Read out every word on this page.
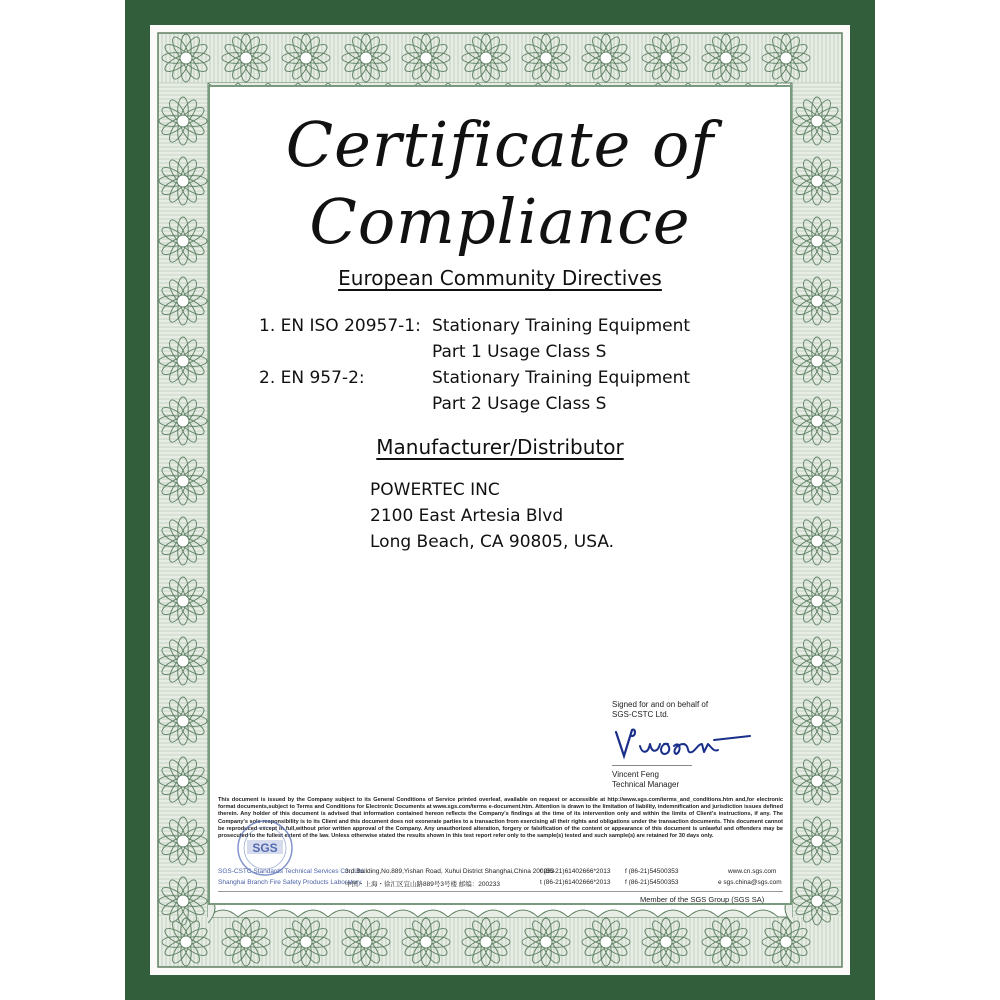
Certificate of
Compliance
European Community Directives
1. EN ISO 20957-1: Stationary Training Equipment
Part 1 Usage Class S
2. EN 957-2:	Stationary Training Equipment
Part 2 Usage Class S
Manufacturer/Distributor
POWERTEC INC
2100 East Artesia Blvd
Long Beach, CA 90805, USA.
Signed for and on behalf of
SGS-CSTC Ltd.
Vincent Feng
Technical Manager
This document is issued by the Company subject to its General Conditions of Service printed overleaf, available on request or accessible at http://www.sgs.com/terms_and_conditions.htm and,for electronic format documents,subject to Terms and Conditions for Electronic Documents at www.sgs.com/terms e-document.htm. Attention is drawn to the limitation of liability, indemnification and jurisdiction issues defined therein. Any holder of this document is advised that information contained hereon reflects the Company's findings at the time of its intervention only and within the limits of Client's instructions, if any. The Company's sole responsibility is to its Client and this document does not exonerate parties to a transaction from exercising all their rights and obligations under the transaction documents. This document cannot be reproduced except in full,without prior written approval of the Company. Any unauthorized alteration, forgery or falsification of the content or appearance of this document is unlawful and offenders may be prosecuted to the fullest extent of the law. Unless otherwise stated the results shown in this test report refer only to the sample(s) tested and such sample(s) are retained for 30 days only.
SGS
SGS-CSTC Standards Technical Services Co., Ltd.
Shanghai Branch Fire Safety Products Laboratory
3rd Building,No.889,Yishan Road, Xuhui District Shanghai,China 200233
中国・上海・徐汇区宜山路889号3号楼 邮编：200233
t (86-21)61402666*2013
t (86-21)61402666*2013
f (86-21)54500353
f (86-21)54500353
www.cn.sgs.com
e sgs.china@sgs.com
Member of the SGS Group (SGS SA)
